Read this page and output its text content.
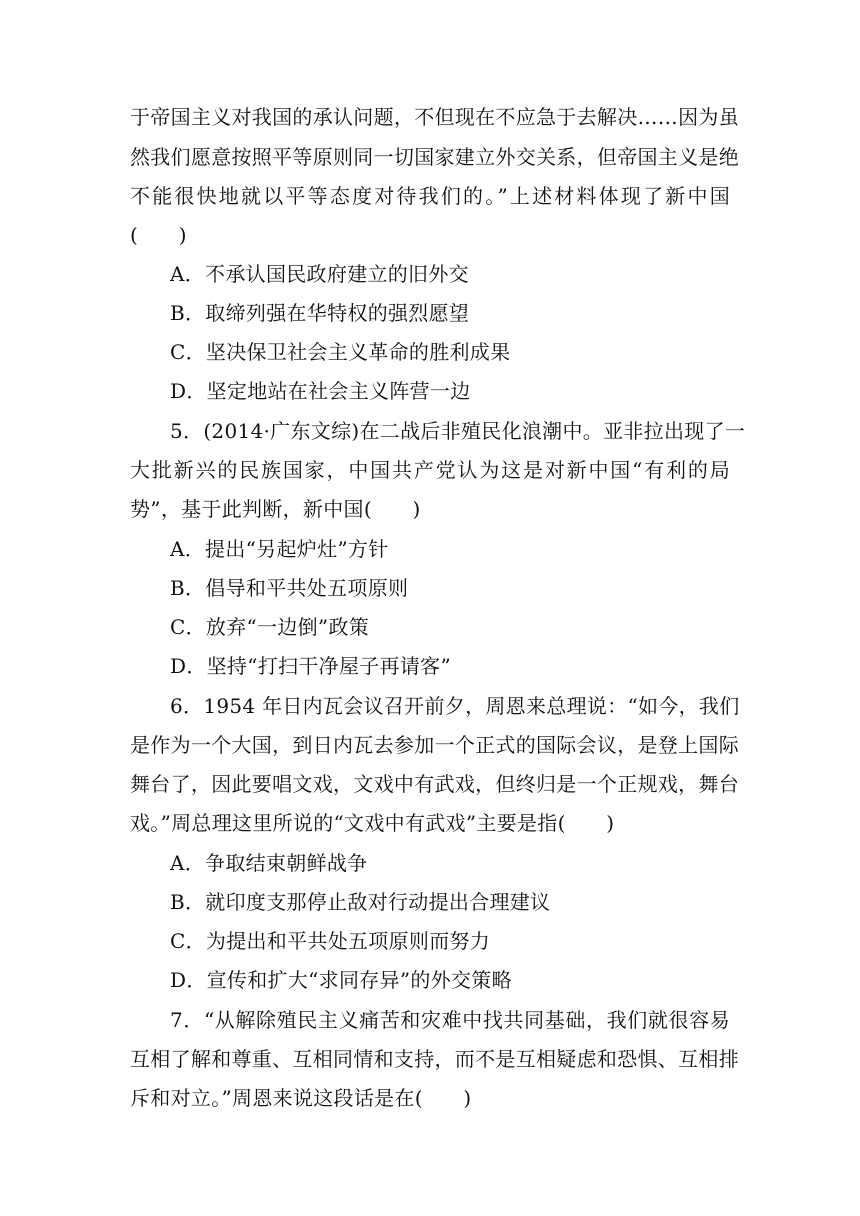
于帝国主义对我国的承认问题，不但现在不应急于去解决……因为虽
然我们愿意按照平等原则同一切国家建立外交关系，但帝国主义是绝
不能很快地就以平等态度对待我们的。”上述材料体现了新中国
(　　)
A．不承认国民政府建立的旧外交
B．取缔列强在华特权的强烈愿望
C．坚决保卫社会主义革命的胜利成果
D．坚定地站在社会主义阵营一边
5．(2014·广东文综)在二战后非殖民化浪潮中。亚非拉出现了一
大批新兴的民族国家，中国共产党认为这是对新中国“有利的局
势”，基于此判断，新中国(　　)
A．提出“另起炉灶”方针
B．倡导和平共处五项原则
C．放弃“一边倒”政策
D．坚持“打扫干净屋子再请客”
6．1954 年日内瓦会议召开前夕，周恩来总理说：“如今，我们
是作为一个大国，到日内瓦去参加一个正式的国际会议，是登上国际
舞台了，因此要唱文戏，文戏中有武戏，但终归是一个正规戏，舞台
戏。”周总理这里所说的“文戏中有武戏”主要是指(　　)
A．争取结束朝鲜战争
B．就印度支那停止敌对行动提出合理建议
C．为提出和平共处五项原则而努力
D．宣传和扩大“求同存异”的外交策略
7．“从解除殖民主义痛苦和灾难中找共同基础，我们就很容易
互相了解和尊重、互相同情和支持，而不是互相疑虑和恐惧、互相排
斥和对立。”周恩来说这段话是在(　　)
